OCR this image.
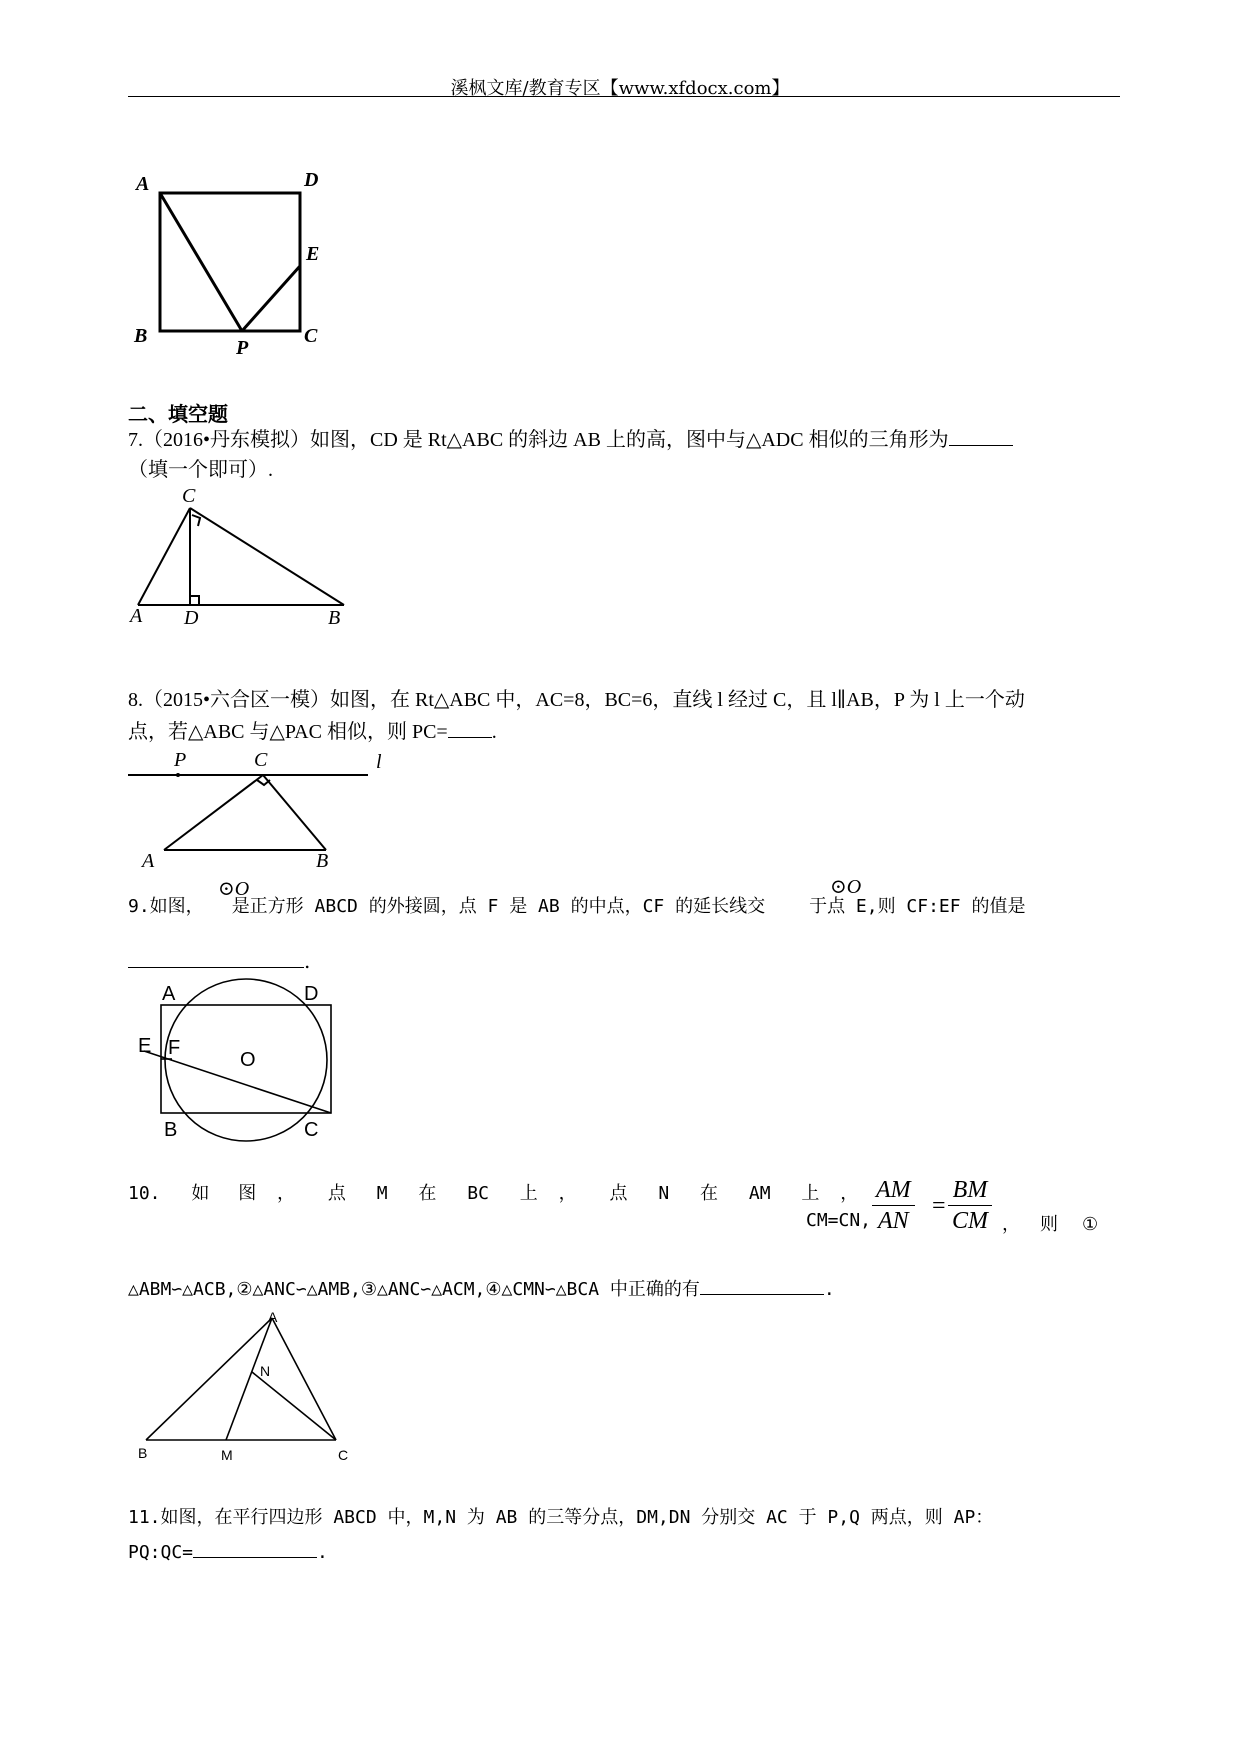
溪枫文库/教育专区【www.xfdocx.com】
A	D
E
B
P
C
二、填空题
7.（2016•丹东模拟）如图，CD 是 Rt△ABC 的斜边 AB 上的高，图中与△ADC 相似的三角形为
（填一个即可）.
C
A D	B
8.（2015•六合区一模）如图，在 Rt△ABC 中，AC=8，BC=6，直线 l 经过 C，且 l∥AB，P 为 l 上一个动
点，若△ABC 与△PAC 相似，则 PC= .
P	C	l
A	B
9.如图， 是正方形 ABCD 的外接圆，点 F 是 AB 的中点，CF 的延长线交 于点 E,则 CF:EF 的值是
⊙O	⊙O
.
A	D
E F
O
B	C
10. 如 图 ， 点 M 在 BC 上 ， 点 N 在 AM 上 ，
CM=CN, $\frac{AM}{AN} = \frac{BM}{CM}$ ， 则 ①
△ABM∽△ACB,②△ANC∽△AMB,③△ANC∽△ACM,④△CMN∽△BCA 中正确的有	.
A
N
B	M	C
11.如图，在平行四边形 ABCD 中，M,N 为 AB 的三等分点，DM,DN 分别交 AC 于 P,Q 两点，则 AP：
PQ:QC=	.
